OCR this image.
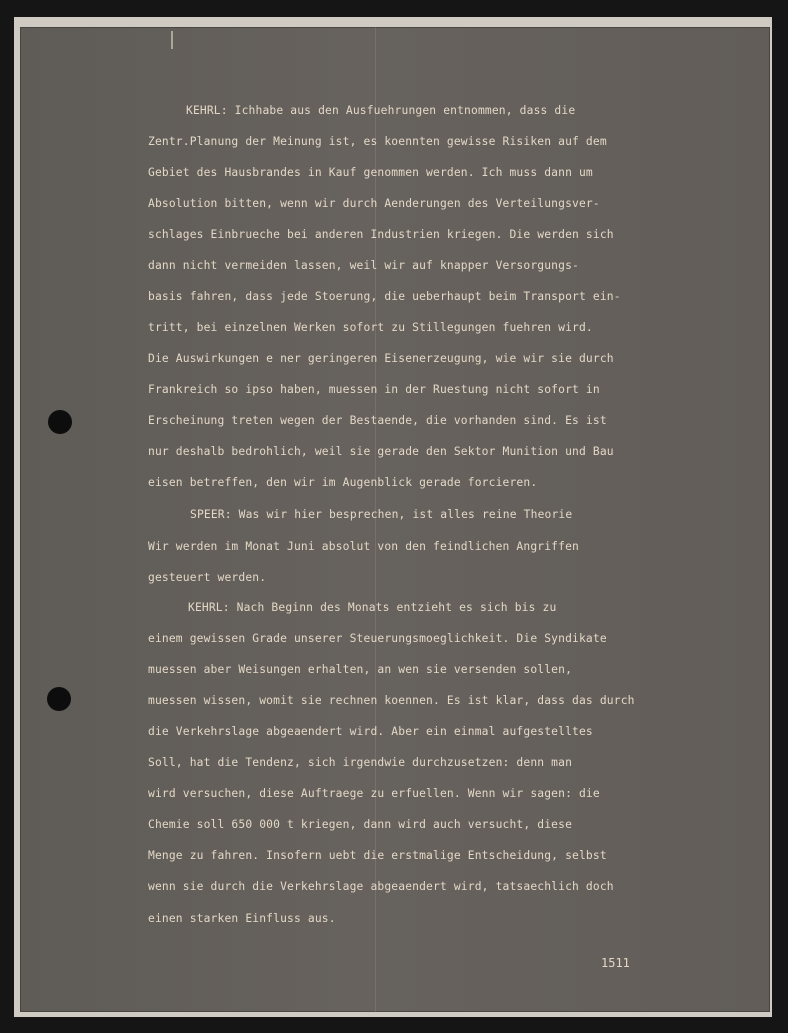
KEHRL: Ichhabe aus den Ausfuehrungen entnommen, dass die

Zentr.Planung der Meinung ist, es koennten gewisse Risiken auf dem

Gebiet des Hausbrandes in Kauf genommen werden. Ich muss dann um

Absolution bitten, wenn wir durch Aenderungen des Verteilungsver-

schlages Einbrueche bei anderen Industrien kriegen. Die werden sich

dann nicht vermeiden lassen, weil wir auf knapper Versorgungs-

basis fahren, dass jede Stoerung, die ueberhaupt beim Transport ein-

tritt, bei einzelnen Werken sofort zu Stillegungen fuehren wird.

Die Auswirkungen e ner geringeren Eisenerzeugung, wie wir sie durch

Frankreich so ipso haben, muessen in der Ruestung nicht sofort in

Erscheinung treten wegen der Bestaende, die vorhanden sind. Es ist

nur deshalb bedrohlich, weil sie gerade den Sektor Munition und Bau

eisen betreffen, den wir im Augenblick gerade forcieren.

SPEER: Was wir hier besprechen, ist alles reine Theorie

Wir werden im Monat Juni absolut von den feindlichen Angriffen

gesteuert werden.

KEHRL: Nach Beginn des Monats entzieht es sich bis zu

einem gewissen Grade unserer Steuerungsmoeglichkeit. Die Syndikate

muessen aber Weisungen erhalten, an wen sie versenden sollen,

muessen wissen, womit sie rechnen koennen. Es ist klar, dass das durch

die Verkehrslage abgeaendert wird. Aber ein einmal aufgestelltes

Soll, hat die Tendenz, sich irgendwie durchzusetzen: denn man

wird versuchen, diese Auftraege zu erfuellen. Wenn wir sagen: die

Chemie soll 650 000 t kriegen, dann wird auch versucht, diese

Menge zu fahren. Insofern uebt die erstmalige Entscheidung, selbst

wenn sie durch die Verkehrslage abgeaendert wird, tatsaechlich doch

einen starken Einfluss aus.

1511
